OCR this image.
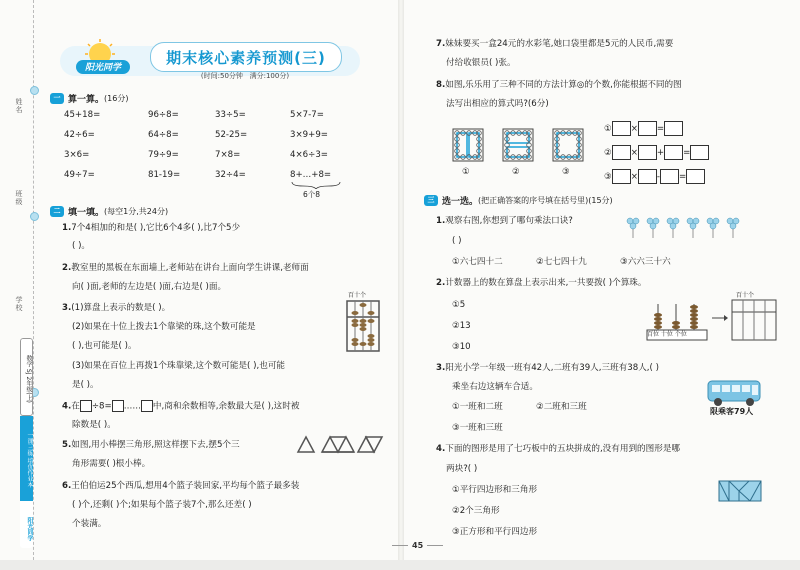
姓名
班级
学校
数学 SJ 2年级(上)
一课三练 培优作业本
阳光同学
阳光同学
期末核心素养预测(三)
(时间:50分钟 满分:100分)
一 算一算。 (16分)
45+18=	96÷8=	33÷5=	5×7-7=
42÷6=	64÷8=	52-25=	3×9+9=
3×6=	79÷9=	7×8=	4×6÷3=
49÷7=	81-19=	32÷4=	8+…+8=
6个8
二 填一填。 (每空1分,共24分)
1.7个4相加的和是( ),它比6个4多( ),比7个5少
( )。
2.教室里的黑板在东面墙上,老师站在讲台上面向学生讲课,老师面
向( )面,老师的左边是( )面,右边是( )面。
3.(1)算盘上表示的数是( )。
(2)如果在十位上拨去1个靠梁的珠,这个数可能是
( ),也可能是( )。
(3)如果在百位上再拨1个珠靠梁,这个数可能是( ),也可能
是( )。
百十个
4.在 ÷8= …… 中,商和余数相等,余数最大是( ),这时被
除数是( )。
5.如图,用小棒摆三角形,照这样摆下去,摆5个三
角形需要( )根小棒。
6.王伯伯运25个西瓜,想用4个篮子装回家,平均每个篮子最多装
( )个,还剩( )个;如果每个篮子装7个,那么还差( )
个装满。
7.妹妹要买一盒24元的水彩笔,她口袋里都是5元的人民币,需要
付给收银员( )张。
8.如图,乐乐用了三种不同的方法计算◎的个数,你能根据不同的图
法写出相应的算式吗?(6分)
①	②	③
① × =
② × + =
③ × - =
三 选一选。 (把正确答案的序号填在括号里)(15分)
1.观察右图,你想到了哪句乘法口诀?
( )
①六七四十二	②七七四十九	③六六三十六
2.计数器上的数在算盘上表示出来,一共要拨( )个算珠。
①5
②13
③10
百位 十位 个位
百十个
3.阳光小学一年级一班有42人,二班有39人,三班有38人,( )
乘坐右边这辆车合适。
①一班和二班	②二班和三班
③一班和三班
限乘客79人
4.下面的图形是用了七巧板中的五块拼成的,没有用到的图形是哪
两块?( )
①平行四边形和三角形
②2个三角形
③正方形和平行四边形
45
